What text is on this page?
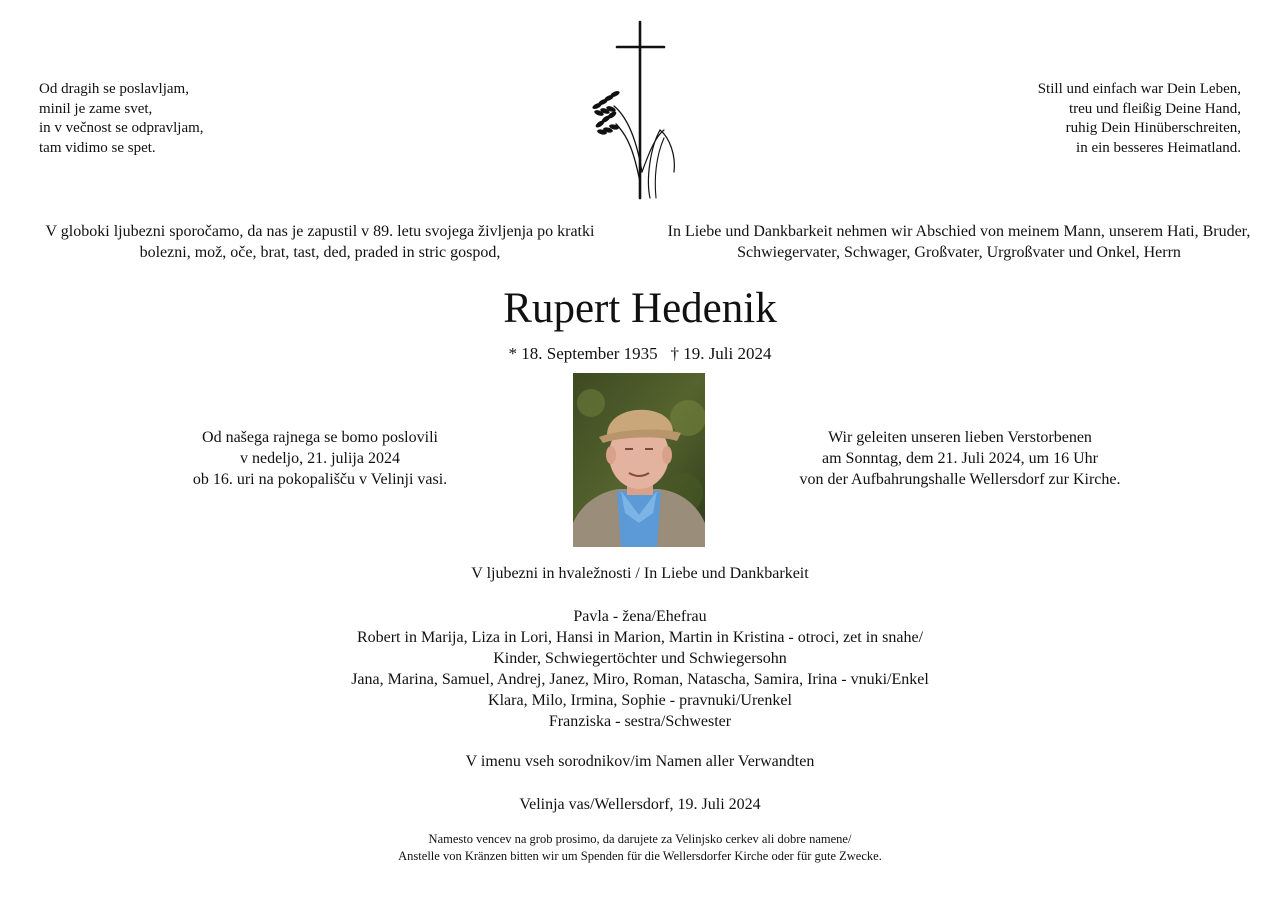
Od dragih se poslavljam,
minil je zame svet,
in v večnost se odpravljam,
tam vidimo se spet.
Still und einfach war Dein Leben,
treu und fleißig Deine Hand,
ruhig Dein Hinüberschreiten,
in ein besseres Heimatland.
V globoki ljubezni sporočamo, da nas je zapustil v 89. letu svojega življenja po kratki bolezni, mož, oče, brat, tast, ded, praded in stric gospod,
In Liebe und Dankbarkeit nehmen wir Abschied von meinem Mann, unserem Hati, Bruder, Schwiegervater, Schwager, Großvater, Urgroßvater und Onkel, Herrn
Rupert Hedenik
* 18. September 1935 † 19. Juli 2024
Od našega rajnega se bomo poslovili
v nedeljo, 21. julija 2024
ob 16. uri na pokopališču v Velinji vasi.
Wir geleiten unseren lieben Verstorbenen
am Sonntag, dem 21. Juli 2024, um 16 Uhr
von der Aufbahrungshalle Wellersdorf zur Kirche.
V ljubezni in hvaležnosti / In Liebe und Dankbarkeit
Pavla - žena/Ehefrau
Robert in Marija, Liza in Lori, Hansi in Marion, Martin in Kristina - otroci, zet in snahe/
Kinder, Schwiegertöchter und Schwiegersohn
Jana, Marina, Samuel, Andrej, Janez, Miro, Roman, Natascha, Samira, Irina - vnuki/Enkel
Klara, Milo, Irmina, Sophie - pravnuki/Urenkel
Franziska - sestra/Schwester
V imenu vseh sorodnikov/im Namen aller Verwandten
Velinja vas/Wellersdorf, 19. Juli 2024
Namesto vencev na grob prosimo, da darujete za Velinjsko cerkev ali dobre namene/
Anstelle von Kränzen bitten wir um Spenden für die Wellersdorfer Kirche oder für gute Zwecke.
